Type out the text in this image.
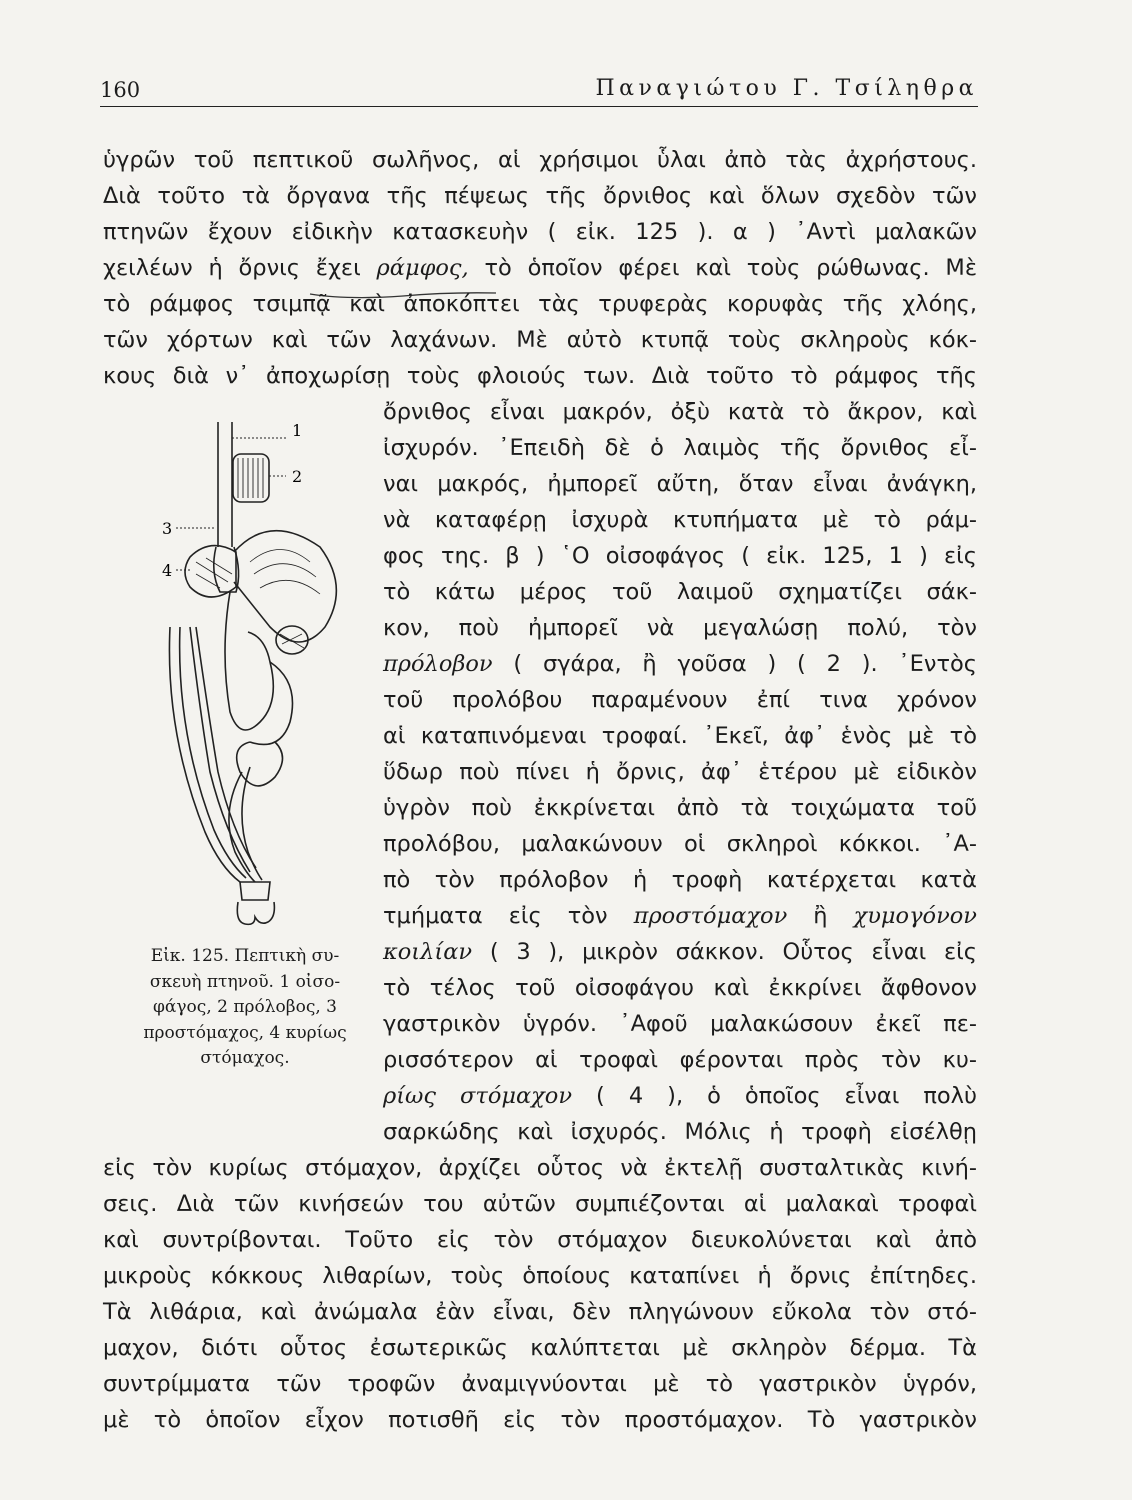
160	Παναγιώτου Γ. Τσίληθρα
ὑγρῶν τοῦ πεπτικοῦ σωλῆνος, αἱ χρήσιμοι ὗλαι ἀπὸ τὰς ἀχρήστους.
Διὰ τοῦτο τὰ ὄργανα τῆς πέψεως τῆς ὄρνιθος καὶ ὅλων σχεδὸν τῶν
πτηνῶν ἔχουν εἰδικὴν κατασκευὴν ( εἰκ. 125 ). α ) ᾿Αντὶ μαλακῶν
χειλέων ἡ ὄρνις ἔχει ράμφος, τὸ ὁποῖον φέρει καὶ τοὺς ρώθωνας. Μὲ
τὸ ράμφος τσιμπᾷ καὶ ἀποκόπτει τὰς τρυφερὰς κορυφὰς τῆς χλόης,
τῶν χόρτων καὶ τῶν λαχάνων. Μὲ αὐτὸ κτυπᾷ τοὺς σκληροὺς κόκ-
κους διὰ ν᾿ ἀποχωρίσῃ τοὺς φλοιούς των. Διὰ τοῦτο τὸ ράμφος τῆς
ὄρνιθος εἶναι μακρόν, ὀξὺ κατὰ τὸ ἄκρον, καὶ
ἰσχυρόν. ᾿Επειδὴ δὲ ὁ λαιμὸς τῆς ὄρνιθος εἶ-
ναι μακρός, ἠμπορεῖ αὔτη, ὅταν εἶναι ἀνάγκη,
νὰ καταφέρῃ ἰσχυρὰ κτυπήματα μὲ τὸ ράμ-
φος της. β ) ῾Ο οἰσοφάγος ( εἰκ. 125, 1 ) εἰς
τὸ κάτω μέρος τοῦ λαιμοῦ σχηματίζει σάκ-
κον, ποὺ ἠμπορεῖ νὰ μεγαλώσῃ πολύ, τὸν
πρόλοβον ( σγάρα, ἢ γοῦσα ) ( 2 ). ᾿Εντὸς
τοῦ προλόβου παραμένουν ἐπί τινα χρόνον
αἱ καταπινόμεναι τροφαί. ᾿Εκεῖ, ἀφ᾿ ἑνὸς μὲ τὸ
ὕδωρ ποὺ πίνει ἡ ὄρνις, ἀφ᾿ ἑτέρου μὲ εἰδικὸν
ὑγρὸν ποὺ ἐκκρίνεται ἀπὸ τὰ τοιχώματα τοῦ
προλόβου, μαλακώνουν οἱ σκληροὶ κόκκοι. ᾿Α-
πὸ τὸν πρόλοβον ἡ τροφὴ κατέρχεται κατὰ
τμήματα εἰς τὸν προστόμαχον ἢ χυμογόνον
κοιλίαν ( 3 ), μικρὸν σάκκον. Οὗτος εἶναι εἰς
τὸ τέλος τοῦ οἰσοφάγου καὶ ἐκκρίνει ἄφθονον
γαστρικὸν ὑγρόν. ᾿Αφοῦ μαλακώσουν ἐκεῖ πε-
ρισσότερον αἱ τροφαὶ φέρονται πρὸς τὸν κυ-
ρίως στόμαχον ( 4 ), ὁ ὁποῖος εἶναι πολὺ
σαρκώδης καὶ ἰσχυρός. Μόλις ἡ τροφὴ εἰσέλθῃ
εἰς τὸν κυρίως στόμαχον, ἀρχίζει οὗτος νὰ ἐκτελῇ συσταλτικὰς κινή-
σεις. Διὰ τῶν κινήσεών του αὐτῶν συμπιέζονται αἱ μαλακαὶ τροφαὶ
καὶ συντρίβονται. Τοῦτο εἰς τὸν στόμαχον διευκολύνεται καὶ ἀπὸ
μικροὺς κόκκους λιθαρίων, τοὺς ὁποίους καταπίνει ἡ ὄρνις ἐπίτηδες.
Τὰ λιθάρια, καὶ ἀνώμαλα ἐὰν εἶναι, δὲν πληγώνουν εὔκολα τὸν στό-
μαχον, διότι οὗτος ἐσωτερικῶς καλύπτεται μὲ σκληρὸν δέρμα. Τὰ
συντρίμματα τῶν τροφῶν ἀναμιγνύονται μὲ τὸ γαστρικὸν ὑγρόν,
μὲ τὸ ὁποῖον εἶχον ποτισθῆ εἰς τὸν προστόμαχον. Τὸ γαστρικὸν
1
2
3
4
Εἰκ. 125. Πεπτικὴ συ-
σκευὴ πτηνοῦ. 1 οἰσο-
φάγος, 2 πρόλοβος, 3
προστόμαχος, 4 κυρίως
στόμαχος.
